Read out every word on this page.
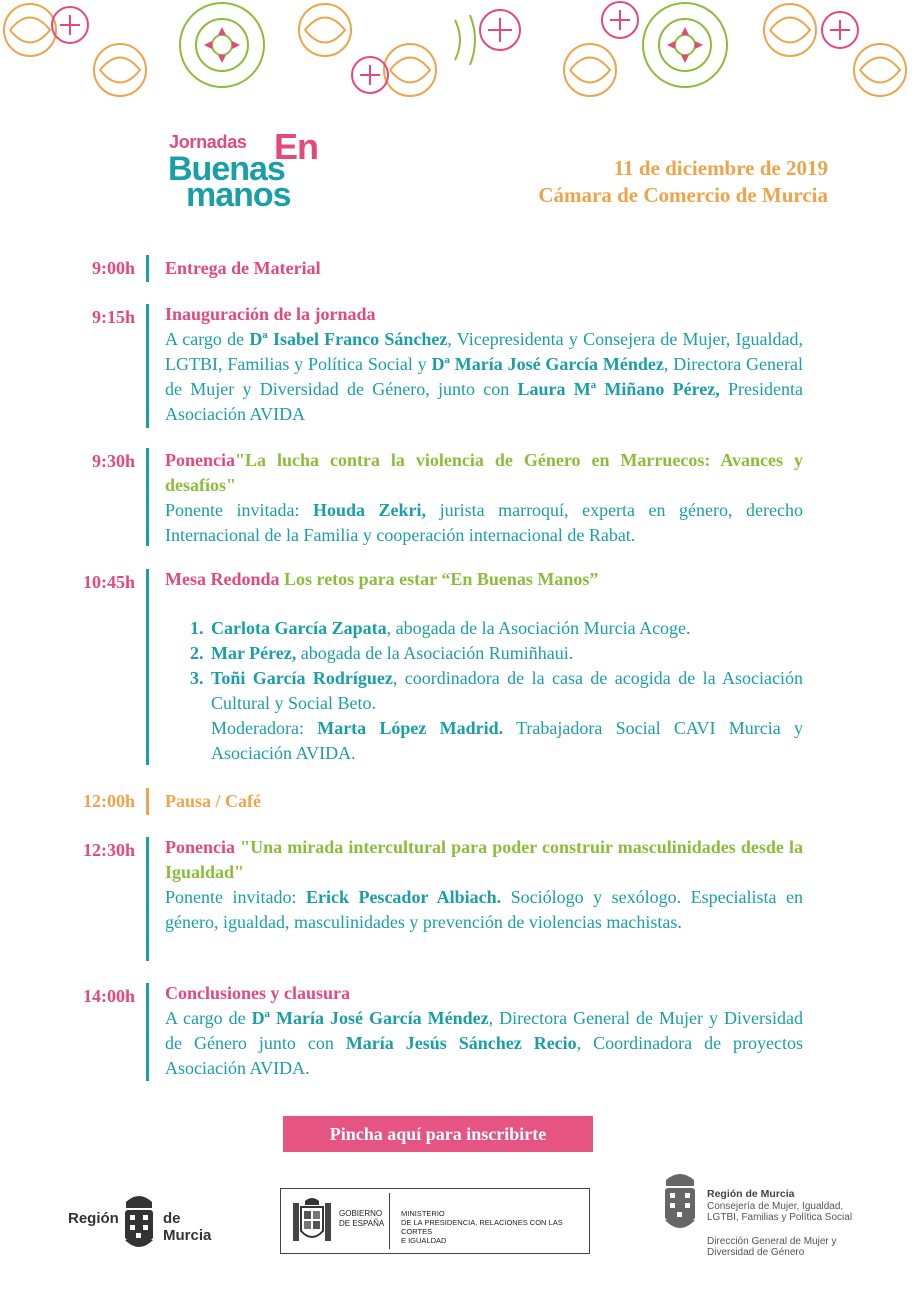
Jornadas En
Buenas
manos
11 de diciembre de 2019
Cámara de Comercio de Murcia
9:00h Entrega de Material
9:15h Inauguración de la jornada
A cargo de Dª Isabel Franco Sánchez, Vicepresidenta y Consejera de Mujer, Igualdad, LGTBI, Familias y Política Social y Dª María José García Méndez, Directora General de Mujer y Diversidad de Género, junto con Laura Mª Miñano Pérez, Presidenta Asociación AVIDA
9:30h Ponencia"La lucha contra la violencia de Género en Marruecos: Avances y desafíos"
Ponente invitada: Houda Zekri, jurista marroquí, experta en género, derecho Internacional de la Familia y cooperación internacional de Rabat.
10:45h Mesa Redonda Los retos para estar “En Buenas Manos”
1. Carlota García Zapata, abogada de la Asociación Murcia Acoge.
2. Mar Pérez, abogada de la Asociación Rumiñhaui.
3. Toñi García Rodríguez, coordinadora de la casa de acogida de la Asociación Cultural y Social Beto.
Moderadora: Marta López Madrid. Trabajadora Social CAVI Murcia y Asociación AVIDA.
12:00h Pausa / Café
12:30h Ponencia "Una mirada intercultural para poder construir masculinidades desde la Igualdad"
Ponente invitado: Erick Pescador Albiach. Sociólogo y sexólogo. Especialista en género, igualdad, masculinidades y prevención de violencias machistas.
14:00h Conclusiones y clausura
A cargo de Dª María José García Méndez, Directora General de Mujer y Diversidad de Género junto con María Jesús Sánchez Recio, Coordinadora de proyectos Asociación AVIDA.
Pincha aquí para inscribirte
Región	de Murcia
GOBIERNO
DE ESPAÑA
MINISTERIO
DE LA PRESIDENCIA, RELACIONES CON LAS CORTES
E IGUALDAD
Región de Murcia
Consejería de Mujer, Igualdad, LGTBI, Familias y Política Social
Dirección General de Mujer y Diversidad de Género
